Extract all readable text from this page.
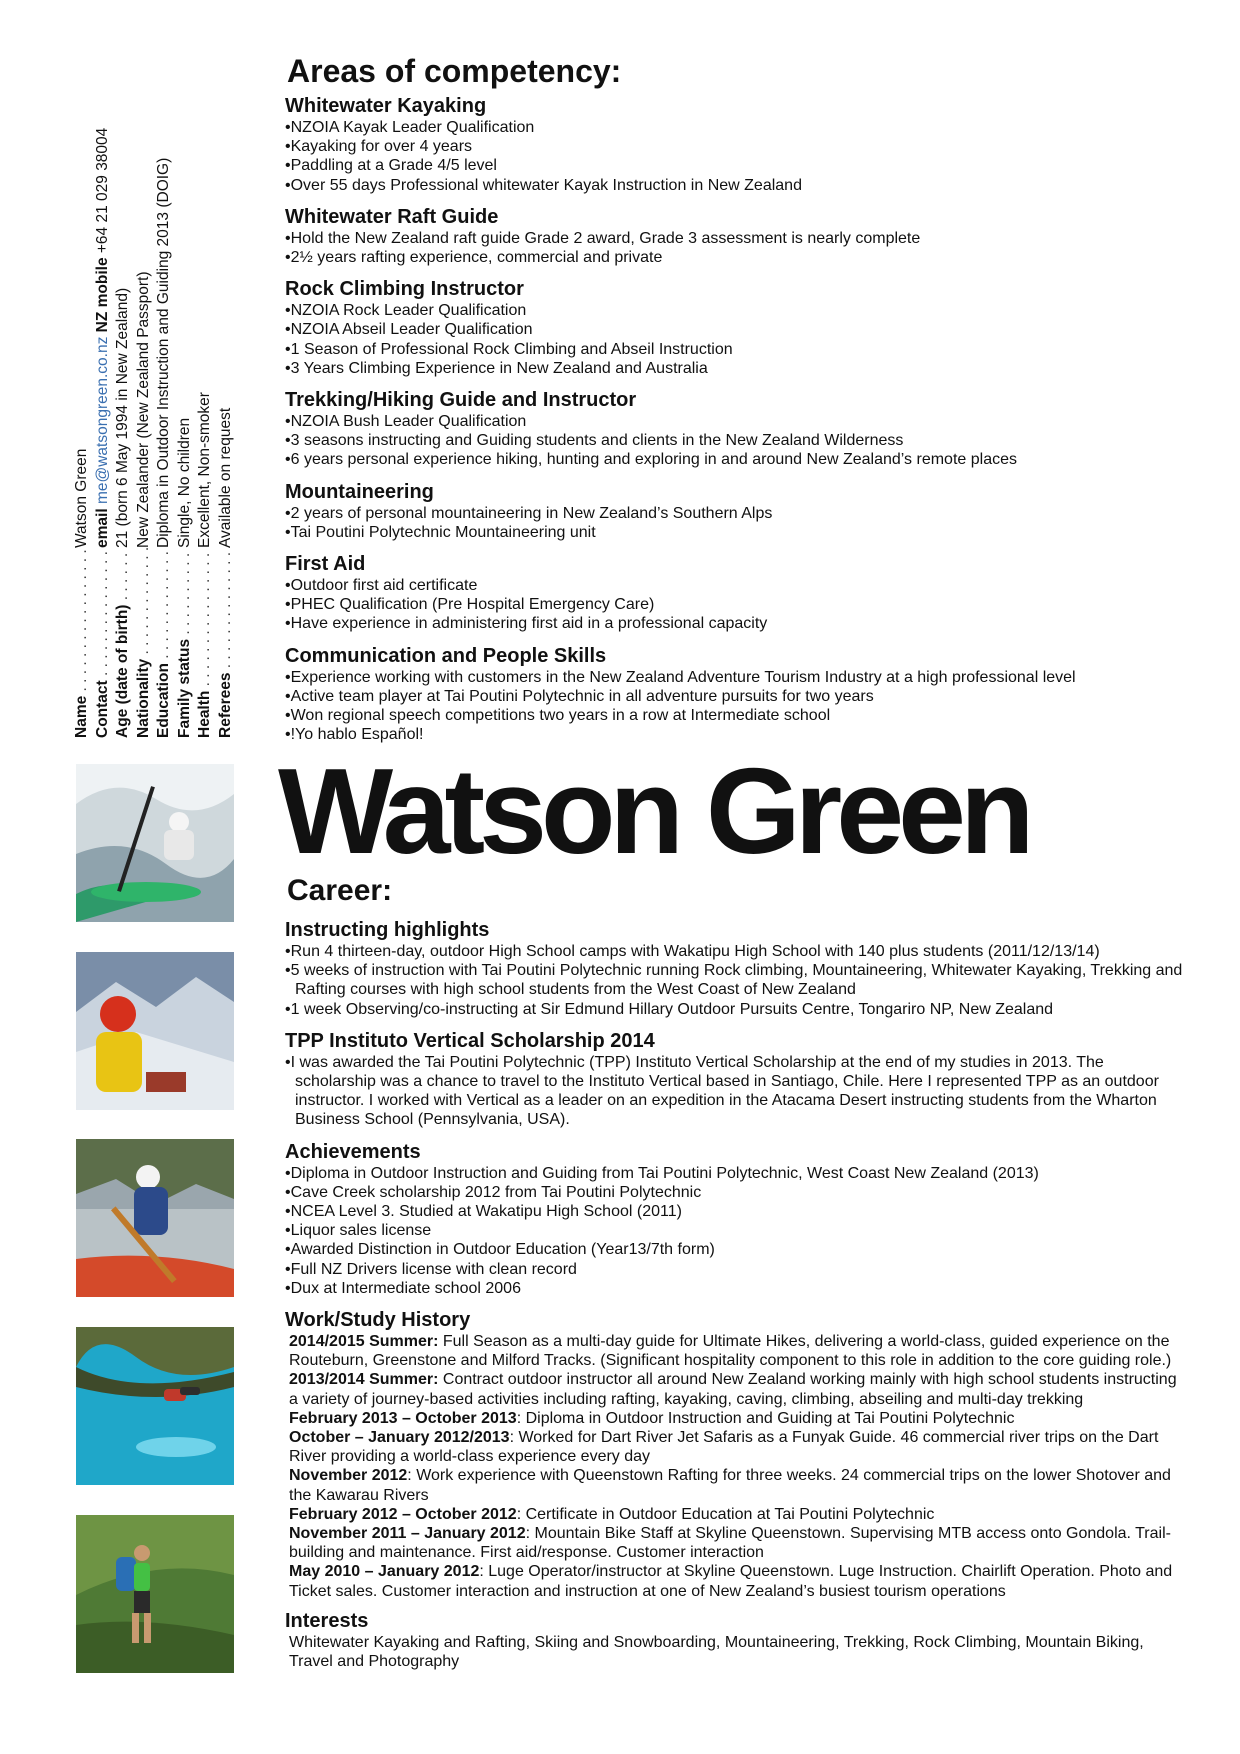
Name . . .
Watson Green
Contact . . .
email me@watsongreen.co.nz NZ mobile +64 21 029 38004
Age (date of birth) . . .
21 (born 6 May 1994 in New Zealand)
Nationality . . .
New Zealander (New Zealand Passport)
Education . . .
Diploma in Outdoor Instruction and Guiding 2013 (DOIG)
Family status . . .
Single, No children
Health . . .
Excellent, Non-smoker
Referees . . .
Available on request
Areas of competency:
Whitewater Kayaking
• NZOIA Kayak Leader Qualification
• Kayaking for over 4 years
• Paddling at a Grade 4/5 level
• Over 55 days Professional whitewater Kayak Instruction in New Zealand
Whitewater Raft Guide
• Hold the New Zealand raft guide Grade 2 award, Grade 3 assessment is nearly complete
• 2½ years rafting experience, commercial and private
Rock Climbing Instructor
• NZOIA Rock Leader Qualification
• NZOIA Abseil Leader Qualification
• 1 Season of Professional Rock Climbing and Abseil Instruction
• 3 Years Climbing Experience in New Zealand and Australia
Trekking/Hiking Guide and Instructor
• NZOIA Bush Leader Qualification
• 3 seasons instructing and Guiding students and clients in the New Zealand Wilderness
• 6 years personal experience hiking, hunting and exploring in and around New Zealand’s remote places
Mountaineering
• 2 years of personal mountaineering in New Zealand’s Southern Alps
• Tai Poutini Polytechnic Mountaineering unit
First Aid
• Outdoor first aid certificate
• PHEC Qualification (Pre Hospital Emergency Care)
• Have experience in administering first aid in a professional capacity
Communication and People Skills
• Experience working with customers in the New Zealand Adventure Tourism Industry at a high professional level
• Active team player at Tai Poutini Polytechnic in all adventure pursuits for two years
• Won regional speech competitions two years in a row at Intermediate school
• !Yo hablo Español!
Watson Green
Career:
Instructing highlights
• Run 4 thirteen-day, outdoor High School camps with Wakatipu High School with 140 plus students (2011/12/13/14)
• 5 weeks of instruction with Tai Poutini Polytechnic running Rock climbing, Mountaineering, Whitewater Kayaking, Trekking and Rafting courses with high school students from the West Coast of New Zealand
• 1 week Observing/co-instructing at Sir Edmund Hillary Outdoor Pursuits Centre, Tongariro NP, New Zealand
TPP Instituto Vertical Scholarship 2014
• I was awarded the Tai Poutini Polytechnic (TPP) Instituto Vertical Scholarship at the end of my studies in 2013. The scholarship was a chance to travel to the Instituto Vertical based in Santiago, Chile. Here I represented TPP as an outdoor instructor. I worked with Vertical as a leader on an expedition in the Atacama Desert instructing students from the Wharton Business School (Pennsylvania, USA).
Achievements
• Diploma in Outdoor Instruction and Guiding from Tai Poutini Polytechnic, West Coast New Zealand (2013)
• Cave Creek scholarship 2012 from Tai Poutini Polytechnic
• NCEA Level 3. Studied at Wakatipu High School (2011)
• Liquor sales license
• Awarded Distinction in Outdoor Education (Year13/7th form)
• Full NZ Drivers license with clean record
• Dux at Intermediate school 2006
Work/Study History

2014/2015 Summer: Full Season as a multi-day guide for Ultimate Hikes, delivering a world-class, guided experience on the Routeburn, Greenstone and Milford Tracks. (Significant hospitality component to this role in addition to the core guiding role.)

2013/2014 Summer: Contract outdoor instructor all around New Zealand working mainly with high school students instructing a variety of journey-based activities including rafting, kayaking, caving, climbing, abseiling and multi-day trekking

February 2013 – October 2013: Diploma in Outdoor Instruction and Guiding at Tai Poutini Polytechnic

October – January 2012/2013: Worked for Dart River Jet Safaris as a Funyak Guide. 46 commercial river trips on the Dart River providing a world-class experience every day

November 2012: Work experience with Queenstown Rafting for three weeks. 24 commercial trips on the lower Shotover and the Kawarau Rivers

February 2012 – October 2012: Certificate in Outdoor Education at Tai Poutini Polytechnic

November 2011 – January 2012: Mountain Bike Staff at Skyline Queenstown. Supervising MTB access onto Gondola. Trail-building and maintenance. First aid/response. Customer interaction

May 2010 – January 2012: Luge Operator/instructor at Skyline Queenstown. Luge Instruction. Chairlift Operation. Photo and Ticket sales. Customer interaction and instruction at one of New Zealand’s busiest tourism operations

Interests

Whitewater Kayaking and Rafting, Skiing and Snowboarding, Mountaineering, Trekking, Rock Climbing, Mountain Biking, Travel and Photography
